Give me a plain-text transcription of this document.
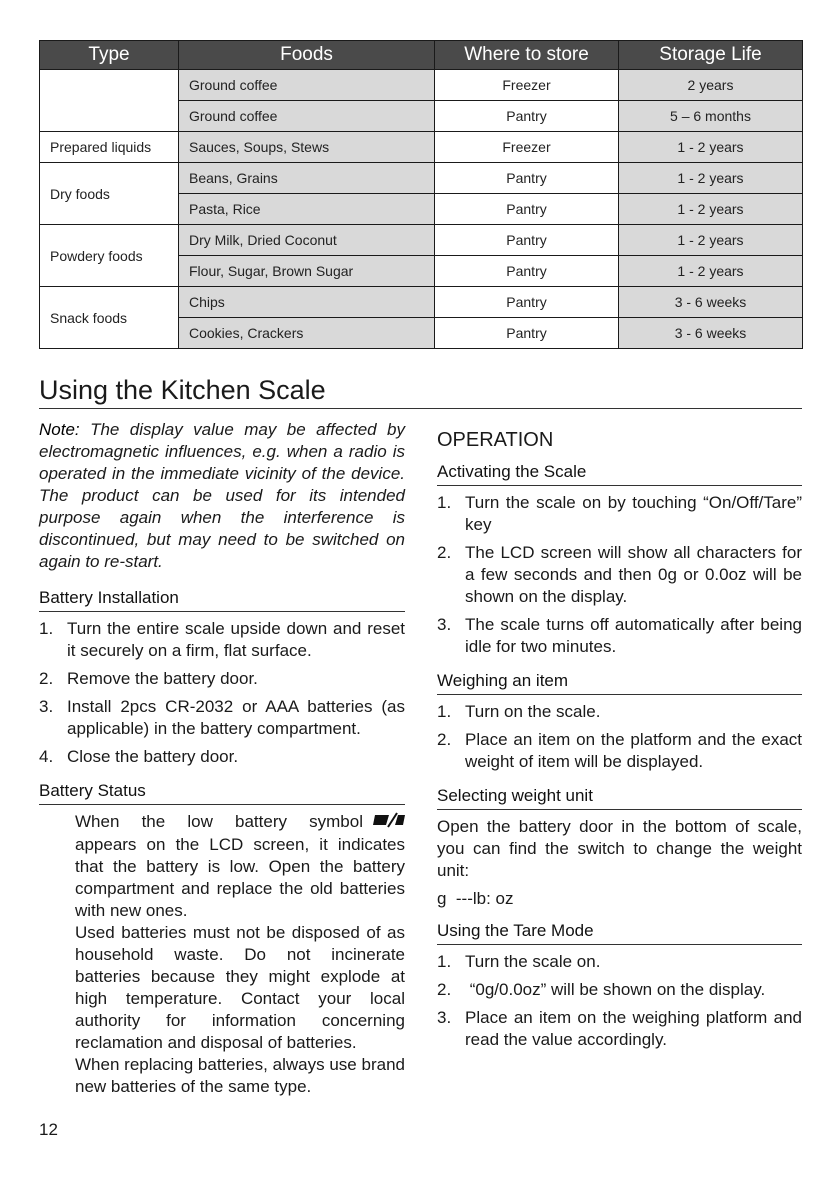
Type	Foods	Where to store	Storage Life
	Ground coffee	Freezer	2 years
	Ground coffee	Pantry	5 – 6 months
Prepared liquids	Sauces, Soups, Stews	Freezer	1 - 2 years
Dry foods	Beans, Grains	Pantry	1 - 2 years
	Pasta, Rice	Pantry	1 - 2 years
Powdery foods	Dry Milk, Dried Coconut	Pantry	1 - 2 years
	Flour, Sugar, Brown Sugar	Pantry	1 - 2 years
Snack foods	Chips	Pantry	3 - 6 weeks
	Cookies, Crackers	Pantry	3 - 6 weeks
Using the Kitchen Scale

Note: The display value may be affected by electromagnetic influences, e.g. when a radio is operated in the immediate vicinity of the device. The product can be used for its intended purpose again when the interference is discontinued, but may need to be switched on again to re-start.

Battery Installation
1. Turn the entire scale upside down and reset it securely on a firm, flat surface.
2. Remove the battery door.
3. Install 2pcs CR-2032 or AAA batteries (as applicable) in the battery compartment.
4. Close the battery door.
Battery Status

When the low battery symbol

appears on the LCD screen, it indicates that the battery is low. Open the battery compartment and replace the old batteries with new ones.

Used batteries must not be disposed of as household waste. Do not incinerate batteries because they might explode at high temperature. Contact your local authority for information concerning reclamation and disposal of batteries.

When replacing batteries, always use brand new batteries of the same type.

OPERATION
Activating the Scale
1. Turn the scale on by touching “On/Off/Tare” key
2. The LCD screen will show all characters for a few seconds and then 0g or 0.0oz will be shown on the display.
3. The scale turns off automatically after being idle for two minutes.
Weighing an item
1. Turn on the scale.
2. Place an item on the platform and the exact weight of item will be displayed.
Selecting weight unit

Open the battery door in the bottom of scale, you can find the switch to change the weight unit:

g  ---lb: oz

Using the Tare Mode
1. Turn the scale on.
2. “0g/0.0oz” will be shown on the display.
3. Place an item on the weighing platform and read the value accordingly.
12
